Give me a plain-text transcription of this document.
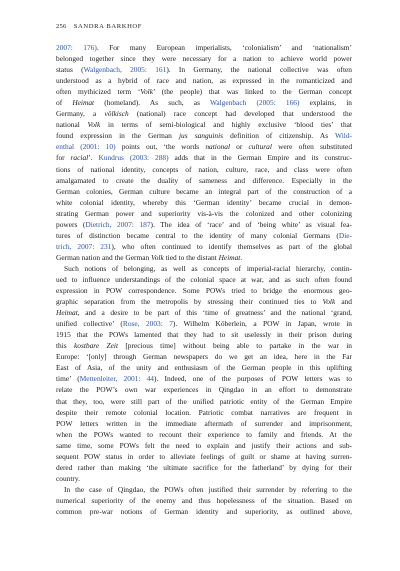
256 SANDRA BARKHOF
2007: 176). For many European imperialists, ‘colonialism’ and ‘nationalism’
belonged together since they were necessary for a nation to achieve world power
status (Walgenbach, 2005: 161). In Germany, the national collective was often
understood as a hybrid of race and nation, as expressed in the romanticized and
often mythicized term ‘Volk’ (the people) that was linked to the German concept
of Heimat (homeland). As such, as Walgenbach (2005: 166) explains, in
Germany, a völkisch (national) race concept had developed that understood the
national Volk in terms of semi-biological and highly exclusive ‘blood ties’ that
found expression in the German jus sanguinis definition of citizenship. As Wild-
enthal (2001: 10) points out, ‘the words national or cultural were often substituted
for racial’. Kundrus (2003: 288) adds that in the German Empire and its construc-
tions of national identity, concepts of nation, culture, race, and class were often
amalgamated to create the duality of sameness and difference. Especially in the
German colonies, German culture became an integral part of the construction of a
white colonial identity, whereby this ‘German identity’ became crucial in demon-
strating German power and superiority vis-à-vis the colonized and other colonizing
powers (Dietrich, 2007: 187). The idea of ‘race’ and of ‘being white’ as visual fea-
tures of distinction became central to the identity of many colonial Germans (Die-
trich, 2007: 231), who often continued to identify themselves as part of the global
German nation and the German Volk tied to the distant Heimat.
Such notions of belonging, as well as concepts of imperial-racial hierarchy, contin-
ued to influence understandings of the colonial space at war, and as such often found
expression in POW correspondence. Some POWs tried to bridge the enormous geo-
graphic separation from the metropolis by stressing their continued ties to Volk and
Heimat, and a desire to be part of this ‘time of greatness’ and the national ‘grand,
unified collective’ (Rose, 2003: 7). Wilhelm Köberlein, a POW in Japan, wrote in
1915 that the POWs lamented that they had to sit uselessly in their prison during
this kostbare Zeit [precious time] without being able to partake in the war in
Europe: ‘[only] through German newspapers do we get an idea, here in the Far
East of Asia, of the unity and enthusiasm of the German people in this uplifting
time’ (Mettenleiter, 2001: 44). Indeed, one of the purposes of POW letters was to
relate the POW’s own war experiences in Qingdao in an effort to demonstrate
that they, too, were still part of the unified patriotic entity of the German Empire
despite their remote colonial location. Patriotic combat narratives are frequent in
POW letters written in the immediate aftermath of surrender and imprisonment,
when the POWs wanted to recount their experience to family and friends. At the
same time, some POWs felt the need to explain and justify their actions and sub-
sequent POW status in order to alleviate feelings of guilt or shame at having surren-
dered rather than making ‘the ultimate sacrifice for the fatherland’ by dying for their
country.
In the case of Qingdao, the POWs often justified their surrender by referring to the
numerical superiority of the enemy and thus hopelessness of the situation. Based on
common pre-war notions of German identity and superiority, as outlined above,
